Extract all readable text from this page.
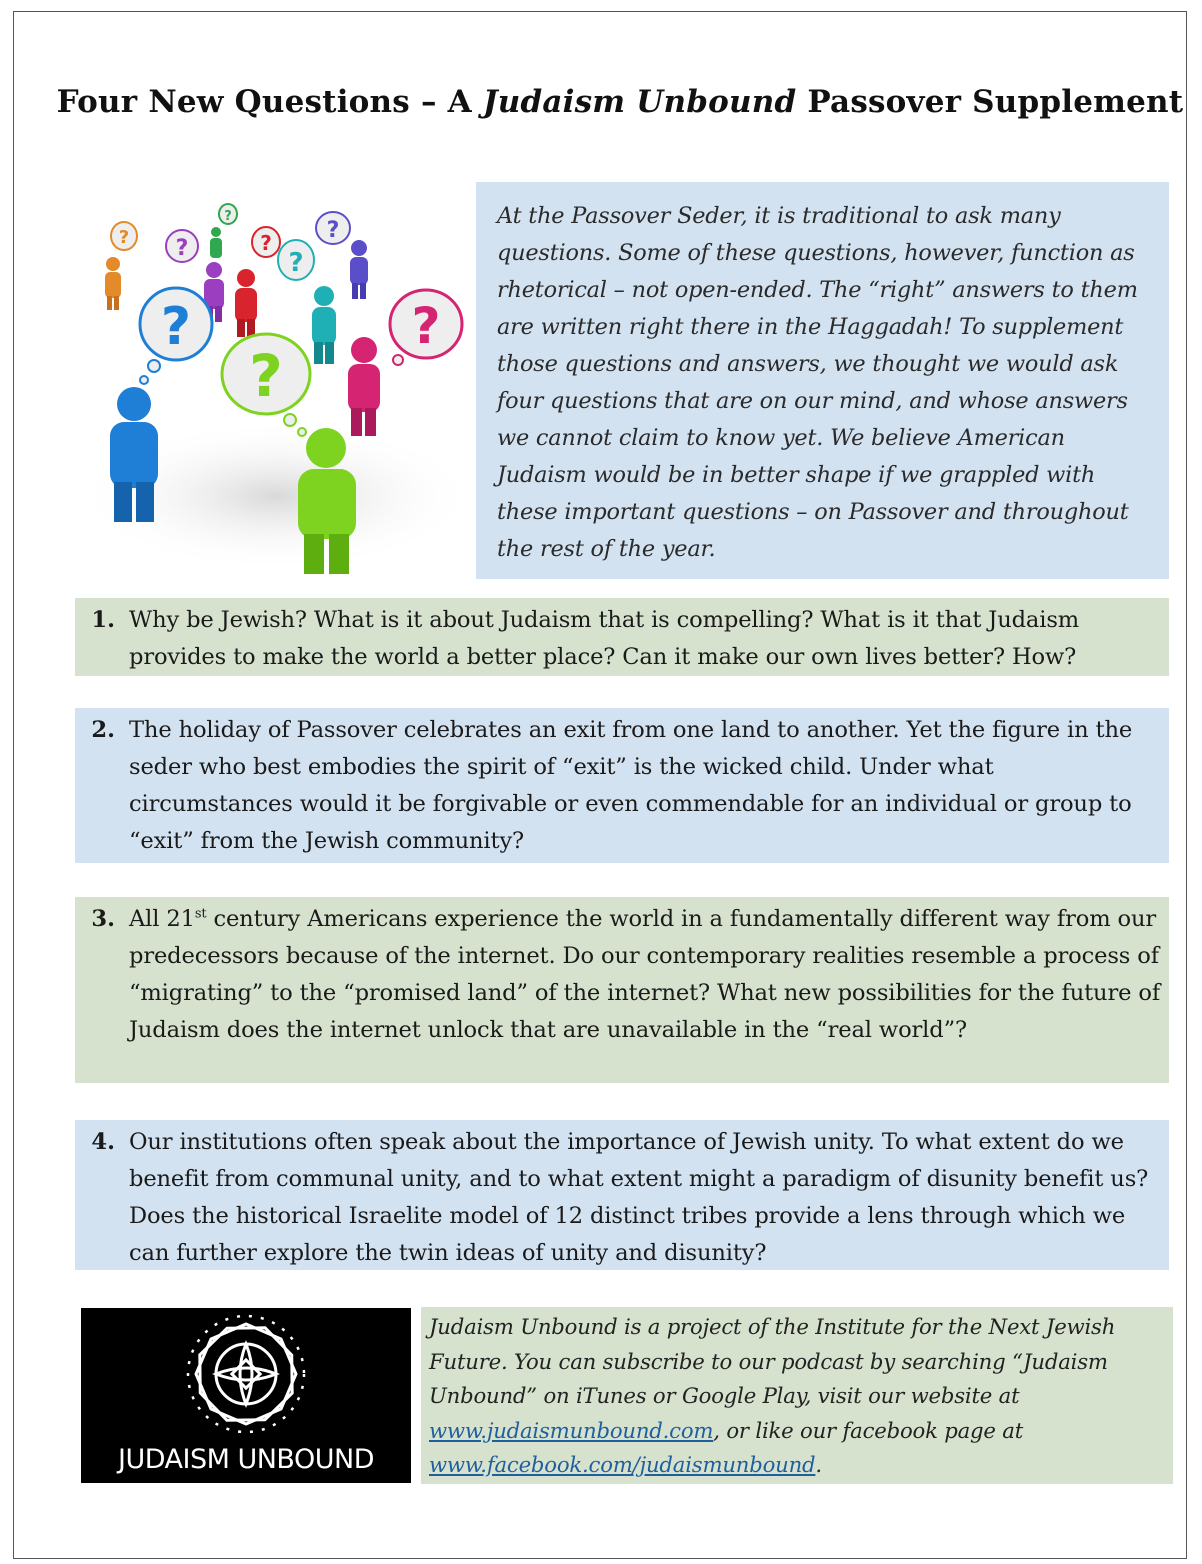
Four New Questions – A Judaism Unbound Passover Supplement
?
?
?
?	?
?
?	?
?

At the Passover Seder, it is traditional to ask many questions. Some of these questions, however, function as rhetorical – not open-ended. The “right” answers to them are written right there in the Haggadah! To supplement those questions and answers, we thought we would ask four questions that are on our mind, and whose answers we cannot claim to know yet. We believe American Judaism would be in better shape if we grappled with these important questions – on Passover and throughout the rest of the year.

1. Why be Jewish? What is it about Judaism that is compelling? What is it that Judaism provides to make the world a better place? Can it make our own lives better? How?
2. The holiday of Passover celebrates an exit from one land to another. Yet the figure in the seder who best embodies the spirit of “exit” is the wicked child. Under what circumstances would it be forgivable or even commendable for an individual or group to “exit” from the Jewish community?
3. All 21st century Americans experience the world in a fundamentally different way from our predecessors because of the internet. Do our contemporary realities resemble a process of “migrating” to the “promised land” of the internet? What new possibilities for the future of Judaism does the internet unlock that are unavailable in the “real world”?
4. Our institutions often speak about the importance of Jewish unity. To what extent do we benefit from communal unity, and to what extent might a paradigm of disunity benefit us? Does the historical Israelite model of 12 distinct tribes provide a lens through which we can further explore the twin ideas of unity and disunity?
JUDAISM UNBOUND

Judaism Unbound is a project of the Institute for the Next Jewish Future. You can subscribe to our podcast by searching “Judaism Unbound” on iTunes or Google Play, visit our website at www.judaismunbound.com, or like our facebook page at www.facebook.com/judaismunbound.
